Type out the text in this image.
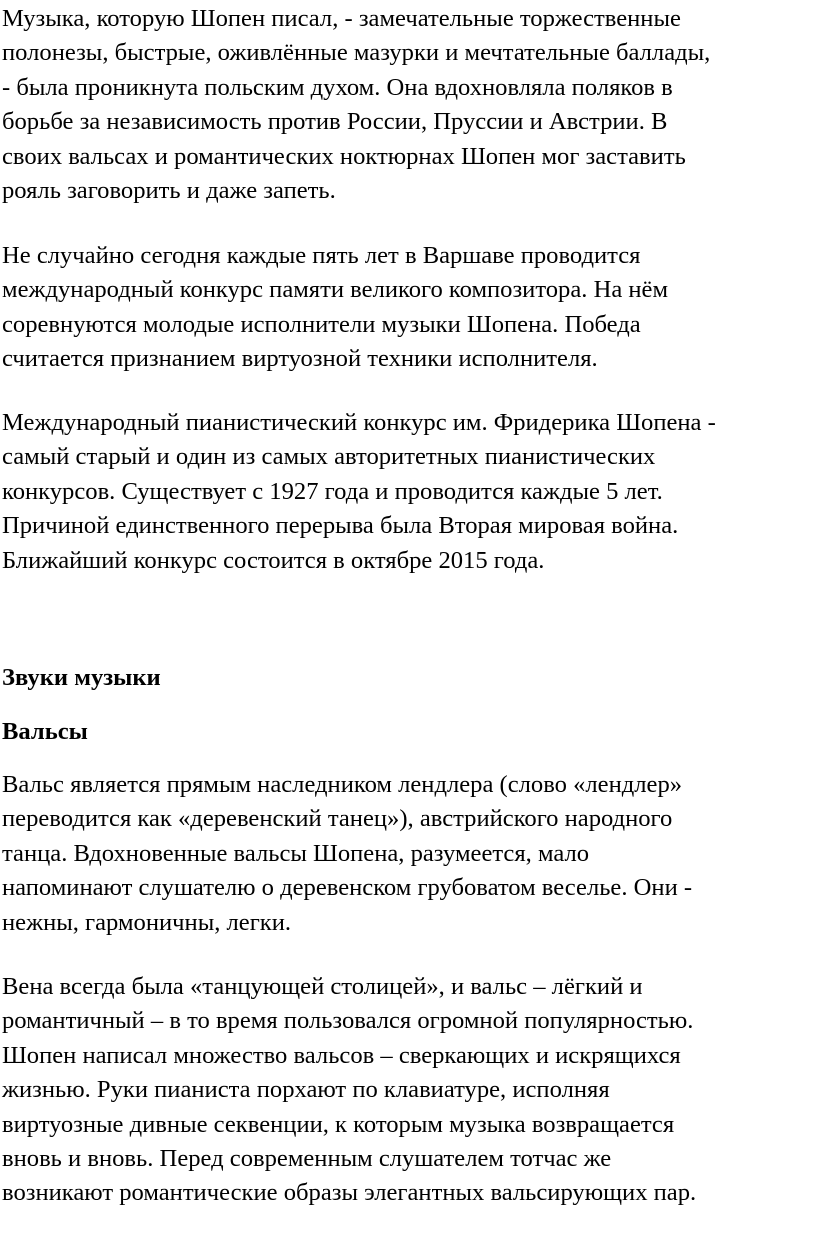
Музыка, которую Шопен писал, - замечательные торжественные
полонезы, быстрые, оживлённые мазурки и мечтательные баллады,
- была проникнута польским духом. Она вдохновляла поляков в
борьбе за независимость против России, Пруссии и Австрии. В
своих вальсах и романтических ноктюрнах Шопен мог заставить
рояль заговорить и даже запеть.

Не случайно сегодня каждые пять лет в Варшаве проводится
международный конкурс памяти великого композитора. На нём
соревнуются молодые исполнители музыки Шопена. Победа
считается признанием виртуозной техники исполнителя.

Международный пианистический конкурс им. Фридерика Шопена -
самый старый и один из самых авторитетных пианистических
конкурсов. Существует с 1927 года и проводится каждые 5 лет.
Причиной единственного перерыва была Вторая мировая война.
Ближайший конкурс состоится в октябре 2015 года.

Звуки музыки
Вальсы

Вальс является прямым наследником лендлера (слово «лендлер»
переводится как «деревенский танец»), австрийского народного
танца. Вдохновенные вальсы Шопена, разумеется, мало
напоминают слушателю о деревенском грубоватом веселье. Они -
нежны, гармоничны, легки.

Вена всегда была «танцующей столицей», и вальс – лёгкий и
романтичный – в то время пользовался огромной популярностью.
Шопен написал множество вальсов – сверкающих и искрящихся
жизнью. Руки пианиста порхают по клавиатуре, исполняя
виртуозные дивные секвенции, к которым музыка возвращается
вновь и вновь. Перед современным слушателем тотчас же
возникают романтические образы элегантных вальсирующих пар.
